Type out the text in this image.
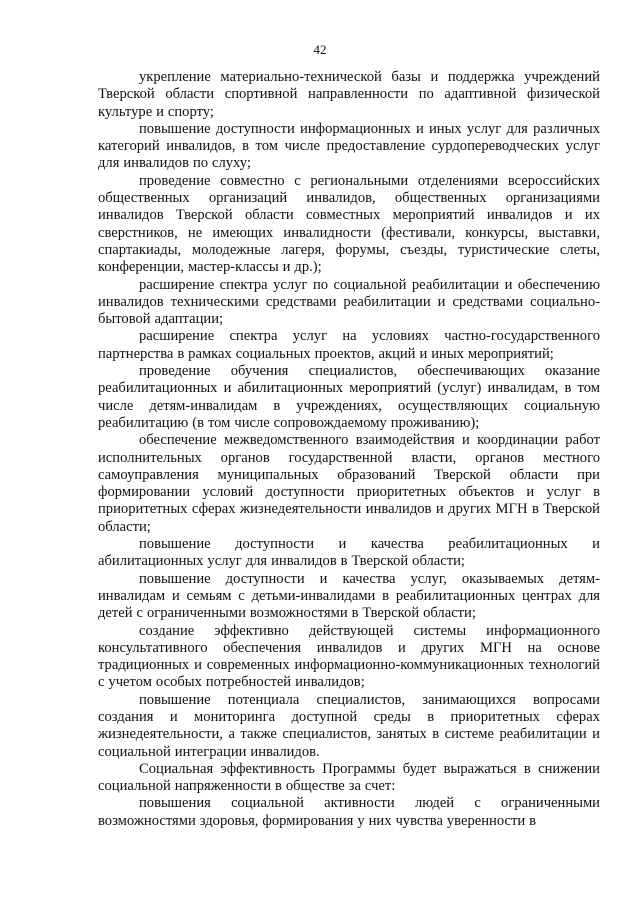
42

укрепление материально-технической базы и поддержка учреждений Тверской области спортивной направленности по адаптивной физической культуре и спорту;

повышение доступности информационных и иных услуг для различных категорий инвалидов, в том числе предоставление сурдопереводческих услуг для инвалидов по слуху;

проведение совместно с региональными отделениями всероссийских общественных организаций инвалидов, общественных организациями инвалидов Тверской области совместных мероприятий инвалидов и их сверстников, не имеющих инвалидности (фестивали, конкурсы, выставки, спартакиады, молодежные лагеря, форумы, съезды, туристические слеты, конференции, мастер-классы и др.);

расширение спектра услуг по социальной реабилитации и обеспечению инвалидов техническими средствами реабилитации и средствами социально-бытовой адаптации;

расширение спектра услуг на условиях частно-государственного партнерства в рамках социальных проектов, акций и иных мероприятий;

проведение обучения специалистов, обеспечивающих оказание реабилитационных и абилитационных мероприятий (услуг) инвалидам, в том числе детям-инвалидам в учреждениях, осуществляющих социальную реабилитацию (в том числе сопровождаемому проживанию);

обеспечение межведомственного взаимодействия и координации работ исполнительных органов государственной власти, органов местного самоуправления муниципальных образований Тверской области при формировании условий доступности приоритетных объектов и услуг в приоритетных сферах жизнедеятельности инвалидов и других МГН в Тверской области;

повышение доступности и качества реабилитационных и абилитационных услуг для инвалидов в Тверской области;

повышение доступности и качества услуг, оказываемых детям-инвалидам и семьям с детьми-инвалидами в реабилитационных центрах для детей с ограниченными возможностями в Тверской области;

создание эффективно действующей системы информационного консультативного обеспечения инвалидов и других МГН на основе традиционных и современных информационно-коммуникационных технологий с учетом особых потребностей инвалидов;

повышение потенциала специалистов, занимающихся вопросами создания и мониторинга доступной среды в приоритетных сферах жизнедеятельности, а также специалистов, занятых в системе реабилитации и социальной интеграции инвалидов.

Социальная эффективность Программы будет выражаться в снижении социальной напряженности в обществе за счет:

повышения социальной активности людей с ограниченными возможностями здоровья, формирования у них чувства уверенности в
